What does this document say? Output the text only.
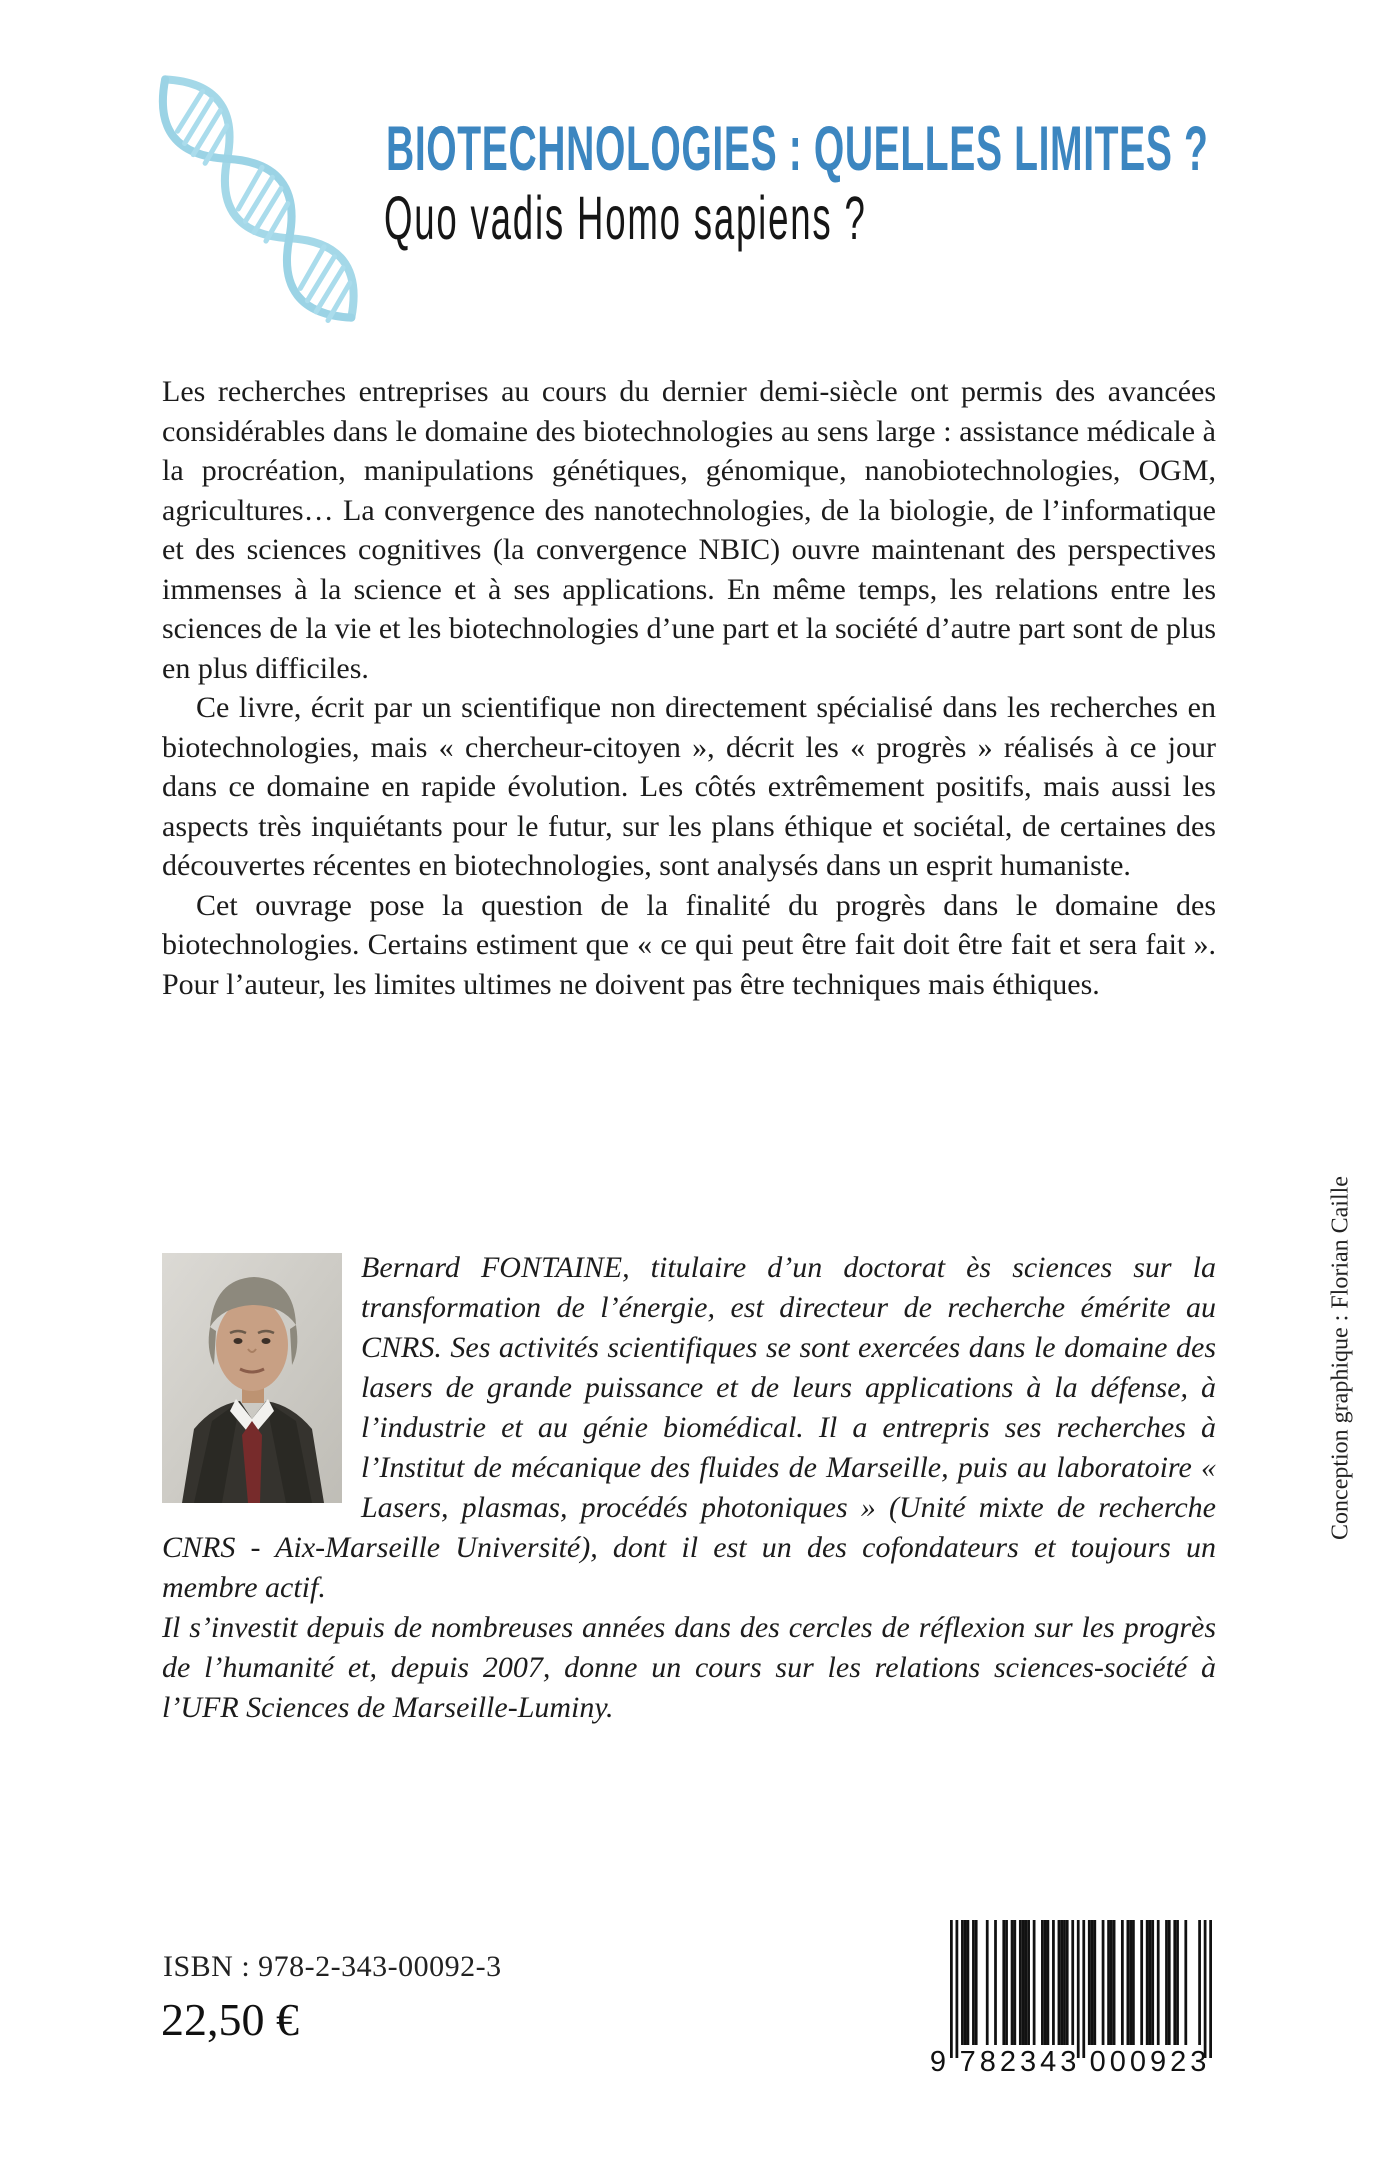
BIOTECHNOLOGIES : QUELLES LIMITES ?
Quo vadis Homo sapiens ?

Les recherches entreprises au cours du dernier demi-siècle ont permis des avancées considérables dans le domaine des biotechnologies au sens large : assistance médicale à la procréation, manipulations génétiques, génomique, nanobiotechnologies, OGM, agricultures… La convergence des nanotechnologies, de la biologie, de l’informatique et des sciences cognitives (la convergence NBIC) ouvre maintenant des perspectives immenses à la science et à ses applications. En même temps, les relations entre les sciences de la vie et les biotechnologies d’une part et la société d’autre part sont de plus en plus difficiles.

Ce livre, écrit par un scientifique non directement spécialisé dans les recherches en biotechnologies, mais « chercheur-citoyen », décrit les « progrès » réalisés à ce jour dans ce domaine en rapide évolution. Les côtés extrêmement positifs, mais aussi les aspects très inquiétants pour le futur, sur les plans éthique et sociétal, de certaines des découvertes récentes en biotechnologies, sont analysés dans un esprit humaniste.

Cet ouvrage pose la question de la finalité du progrès dans le domaine des biotechnologies. Certains estiment que « ce qui peut être fait doit être fait et sera fait ». Pour l’auteur, les limites ultimes ne doivent pas être techniques mais éthiques.

Bernard FONTAINE, titulaire d’un doctorat ès sciences sur la transformation de l’énergie, est directeur de recherche émérite au CNRS. Ses activités scientifiques se sont exercées dans le domaine des lasers de grande puissance et de leurs applications à la défense, à l’industrie et au génie biomédical. Il a entrepris ses recherches à l’Institut de mécanique des fluides de Marseille, puis au laboratoire « Lasers, plasmas, procédés photoniques » (Unité mixte de recherche CNRS - Aix-Marseille Université), dont il est un des cofondateurs et toujours un membre actif.

Il s’investit depuis de nombreuses années dans des cercles de réflexion sur les progrès de l’humanité et, depuis 2007, donne un cours sur les relations sciences-société à l’UFR Sciences de Marseille-Luminy.

Conception graphique : Florian Caille
ISBN : 978-2-343-00092-3
22,50 €
9 782343 000923
